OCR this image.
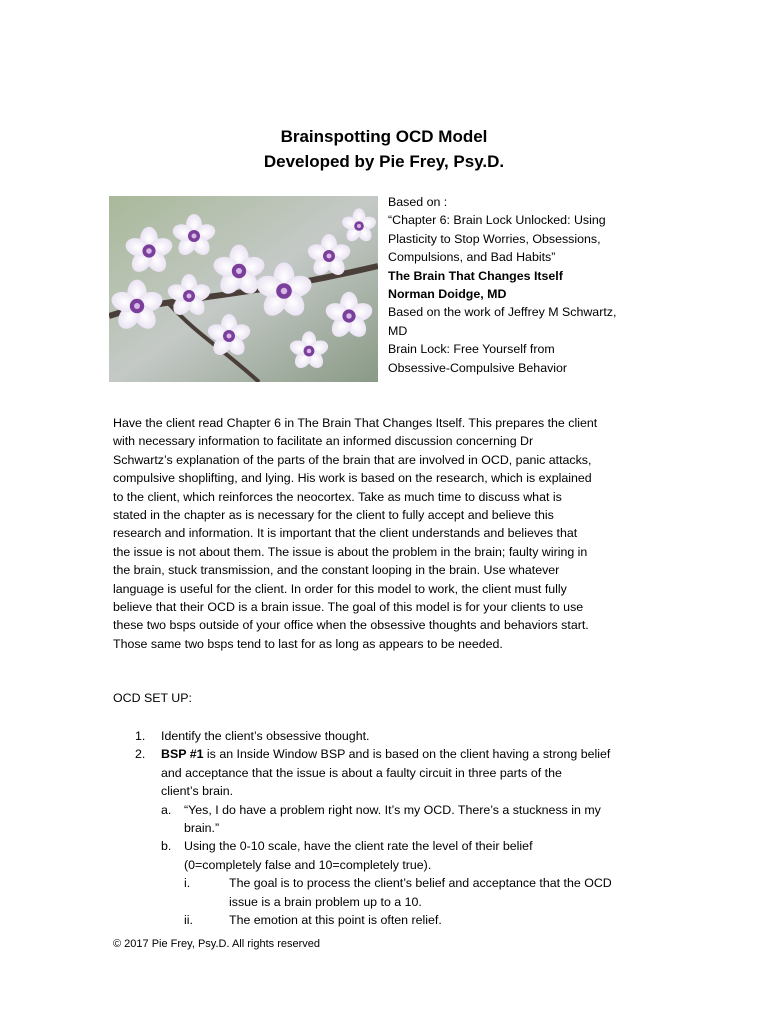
Brainspotting OCD Model
Developed by Pie Frey, Psy.D.
Based on :
“Chapter 6: Brain Lock Unlocked: Using
Plasticity to Stop Worries, Obsessions,
Compulsions, and Bad Habits”
The Brain That Changes Itself
Norman Doidge, MD
Based on the work of Jeffrey M Schwartz,
MD
Brain Lock: Free Yourself from
Obsessive-Compulsive Behavior
Have the client read Chapter 6 in The Brain That Changes Itself. This prepares the client
with necessary information to facilitate an informed discussion concerning Dr
Schwartz’s explanation of the parts of the brain that are involved in OCD, panic attacks,
compulsive shoplifting, and lying. His work is based on the research, which is explained
to the client, which reinforces the neocortex. Take as much time to discuss what is
stated in the chapter as is necessary for the client to fully accept and believe this
research and information. It is important that the client understands and believes that
the issue is not about them. The issue is about the problem in the brain; faulty wiring in
the brain, stuck transmission, and the constant looping in the brain. Use whatever
language is useful for the client. In order for this model to work, the client must fully
believe that their OCD is a brain issue. The goal of this model is for your clients to use
these two bsps outside of your office when the obsessive thoughts and behaviors start.
Those same two bsps tend to last for as long as appears to be needed.
OCD SET UP:
1. Identify the client’s obsessive thought.
2. BSP #1 is an Inside Window BSP and is based on the client having a strong belief
and acceptance that the issue is about a faulty circuit in three parts of the
client’s brain.
a. “Yes, I do have a problem right now. It’s my OCD. There’s a stuckness in my
brain.”
b. Using the 0-10 scale, have the client rate the level of their belief
(0=completely false and 10=completely true).
i.	The goal is to process the client’s belief and acceptance that the OCD
issue is a brain problem up to a 10.
ii.	The emotion at this point is often relief.
© 2017 Pie Frey, Psy.D. All rights reserved
